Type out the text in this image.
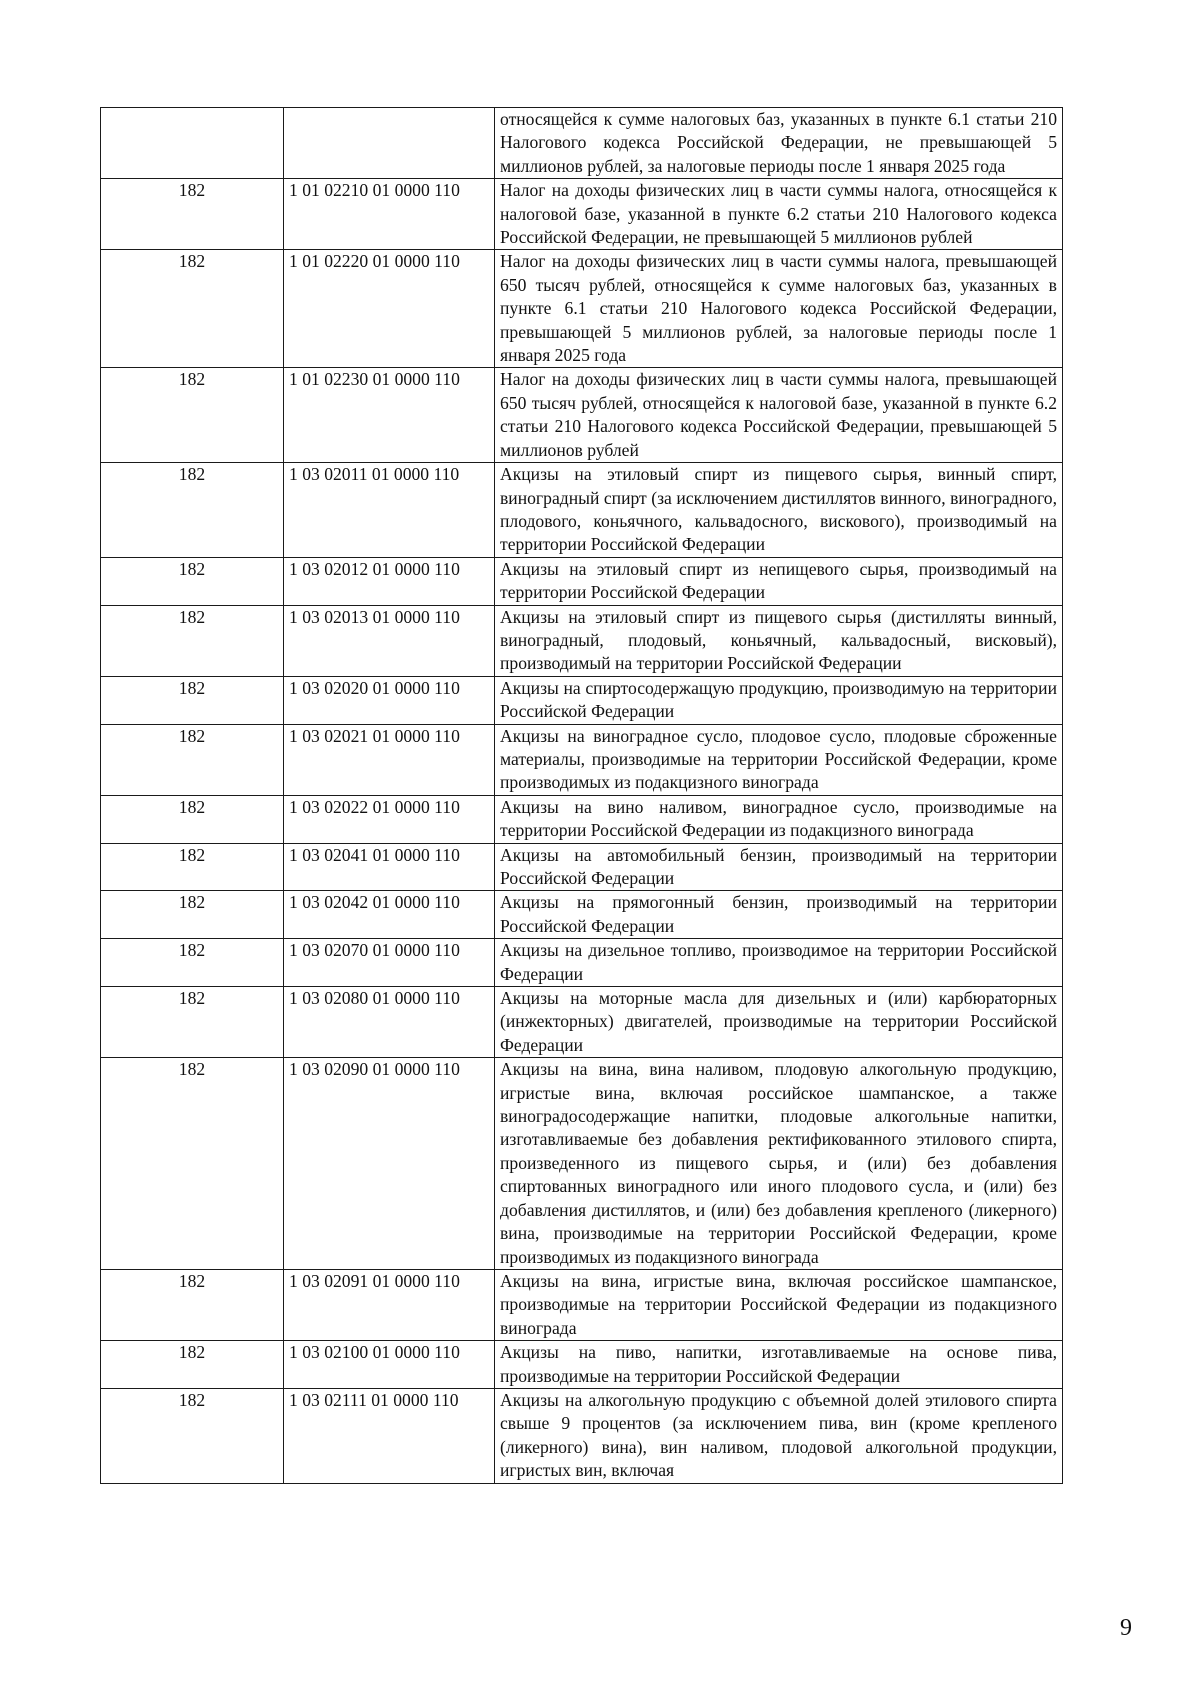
		относящейся к сумме налоговых баз, указанных в пункте 6.1 статьи 210 Налогового кодекса Российской Федерации, не превышающей 5 миллионов рублей, за налоговые периоды после 1 января 2025 года
182	1 01 02210 01 0000 110	Налог на доходы физических лиц в части суммы налога, относящейся к налоговой базе, указанной в пункте 6.2 статьи 210 Налогового кодекса Российской Федерации, не превышающей 5 миллионов рублей
182	1 01 02220 01 0000 110	Налог на доходы физических лиц в части суммы налога, превышающей 650 тысяч рублей, относящейся к сумме налоговых баз, указанных в пункте 6.1 статьи 210 Налогового кодекса Российской Федерации, превышающей 5 миллионов рублей, за налоговые периоды после 1 января 2025 года
182	1 01 02230 01 0000 110	Налог на доходы физических лиц в части суммы налога, превышающей 650 тысяч рублей, относящейся к налоговой базе, указанной в пункте 6.2 статьи 210 Налогового кодекса Российской Федерации, превышающей 5 миллионов рублей
182	1 03 02011 01 0000 110	Акцизы на этиловый спирт из пищевого сырья, винный спирт, виноградный спирт (за исключением дистиллятов винного, виноградного, плодового, коньячного, кальвадосного, вискового), производимый на территории Российской Федерации
182	1 03 02012 01 0000 110	Акцизы на этиловый спирт из непищевого сырья, производимый на территории Российской Федерации
182	1 03 02013 01 0000 110	Акцизы на этиловый спирт из пищевого сырья (дистилляты винный, виноградный, плодовый, коньячный, кальвадосный, висковый), производимый на территории Российской Федерации
182	1 03 02020 01 0000 110	Акцизы на спиртосодержащую продукцию, производимую на территории Российской Федерации
182	1 03 02021 01 0000 110	Акцизы на виноградное сусло, плодовое сусло, плодовые сброженные материалы, производимые на территории Российской Федерации, кроме производимых из подакцизного винограда
182	1 03 02022 01 0000 110	Акцизы на вино наливом, виноградное сусло, производимые на территории Российской Федерации из подакцизного винограда
182	1 03 02041 01 0000 110	Акцизы на автомобильный бензин, производимый на территории Российской Федерации
182	1 03 02042 01 0000 110	Акцизы на прямогонный бензин, производимый на территории Российской Федерации
182	1 03 02070 01 0000 110	Акцизы на дизельное топливо, производимое на территории Российской Федерации
182	1 03 02080 01 0000 110	Акцизы на моторные масла для дизельных и (или) карбюраторных (инжекторных) двигателей, производимые на территории Российской Федерации
182	1 03 02090 01 0000 110	Акцизы на вина, вина наливом, плодовую алкогольную продукцию, игристые вина, включая российское шампанское, а также виноградосодержащие напитки, плодовые алкогольные напитки, изготавливаемые без добавления ректификованного этилового спирта, произведенного из пищевого сырья, и (или) без добавления спиртованных виноградного или иного плодового сусла, и (или) без добавления дистиллятов, и (или) без добавления крепленого (ликерного) вина, производимые на территории Российской Федерации, кроме производимых из подакцизного винограда
182	1 03 02091 01 0000 110	Акцизы на вина, игристые вина, включая российское шампанское, производимые на территории Российской Федерации из подакцизного винограда
182	1 03 02100 01 0000 110	Акцизы на пиво, напитки, изготавливаемые на основе пива, производимые на территории Российской Федерации
182	1 03 02111 01 0000 110	Акцизы на алкогольную продукцию с объемной долей этилового спирта свыше 9 процентов (за исключением пива, вин (кроме крепленого (ликерного) вина), вин наливом, плодовой алкогольной продукции, игристых вин, включая
9
